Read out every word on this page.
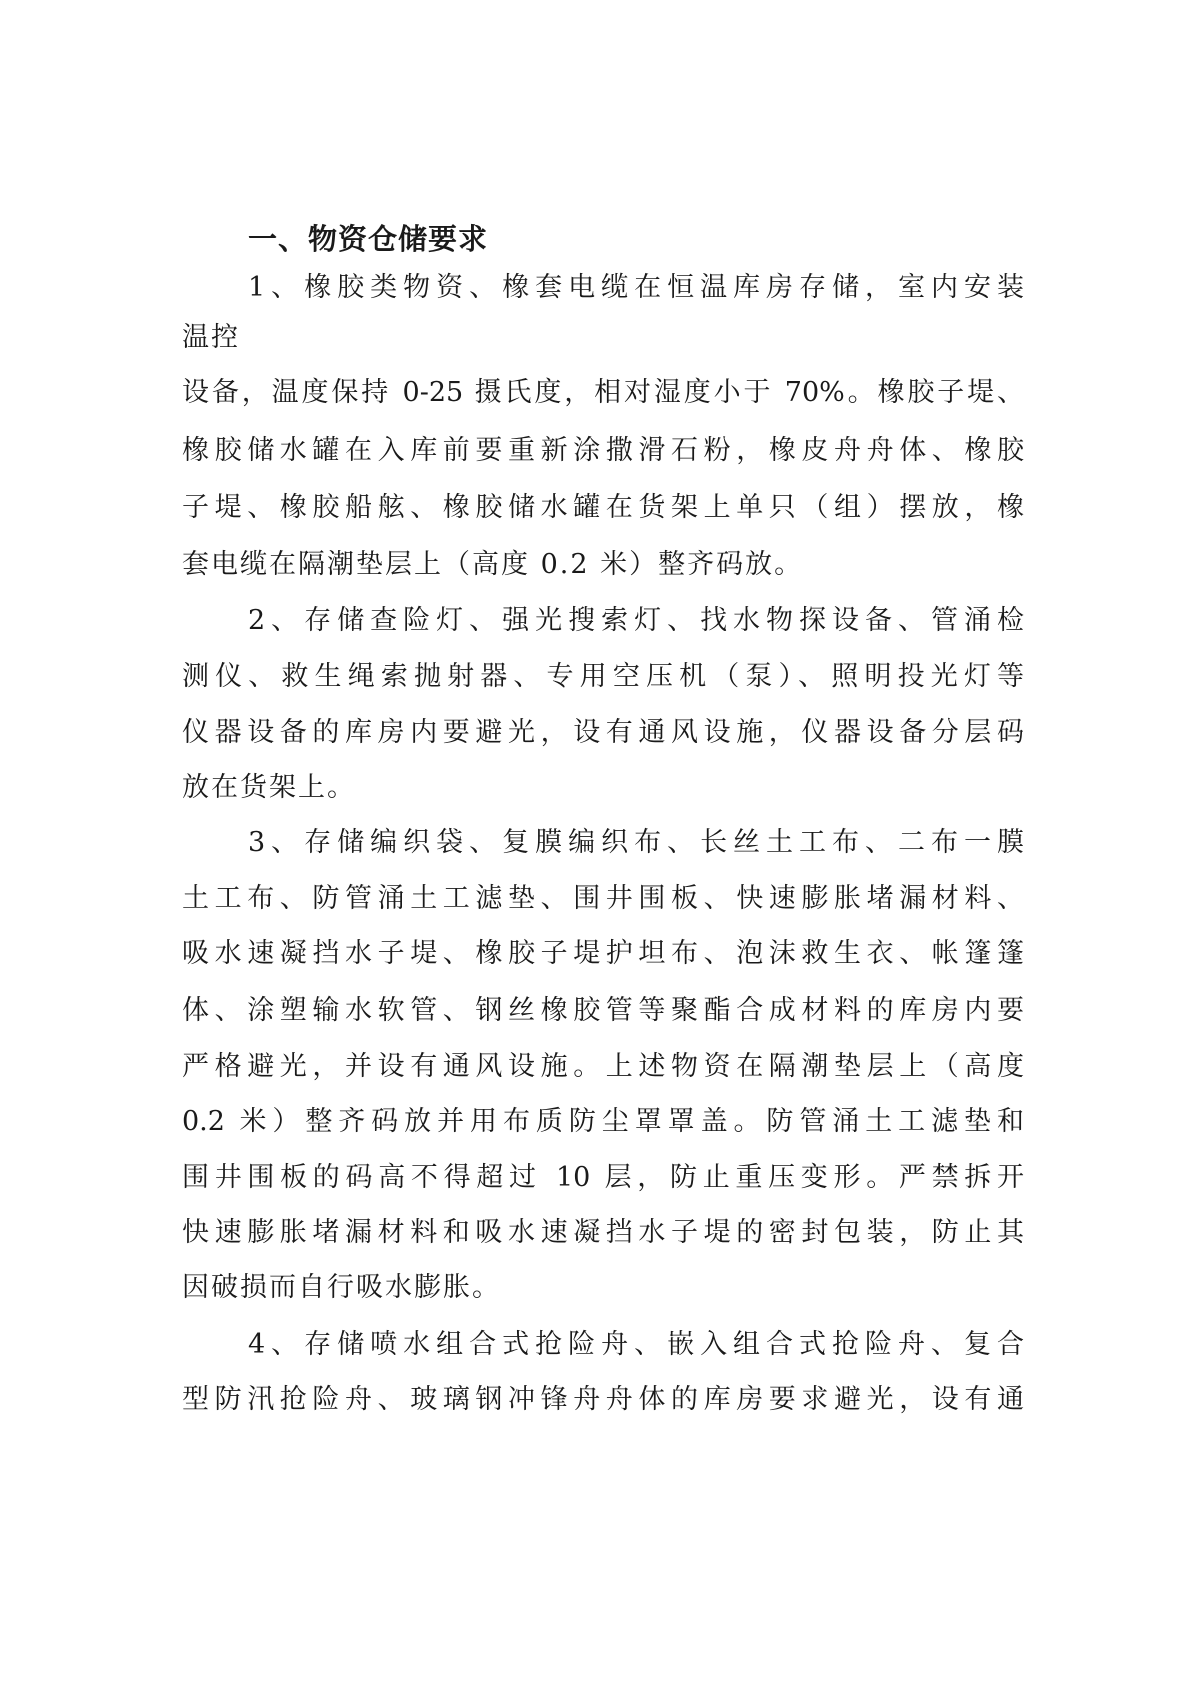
一、物资仓储要求
1、橡胶类物资、橡套电缆在恒温库房存储，室内安装
温控
设备，温度保持 0-25 摄氏度，相对湿度小于 70%。橡胶子堤、
橡胶储水罐在入库前要重新涂撒滑石粉，橡皮舟舟体、橡胶
子堤、橡胶船舷、橡胶储水罐在货架上单只（组）摆放，橡
套电缆在隔潮垫层上（高度 0.2 米）整齐码放。
2、存储查险灯、强光搜索灯、找水物探设备、管涌检
测仪、救生绳索抛射器、专用空压机（泵）、照明投光灯等
仪器设备的库房内要避光，设有通风设施，仪器设备分层码
放在货架上。
3、存储编织袋、复膜编织布、长丝土工布、二布一膜
土工布、防管涌土工滤垫、围井围板、快速膨胀堵漏材料、
吸水速凝挡水子堤、橡胶子堤护坦布、泡沫救生衣、帐篷篷
体、涂塑输水软管、钢丝橡胶管等聚酯合成材料的库房内要
严格避光，并设有通风设施。上述物资在隔潮垫层上（高度
0.2 米）整齐码放并用布质防尘罩罩盖。防管涌土工滤垫和
围井围板的码高不得超过 10 层，防止重压变形。严禁拆开
快速膨胀堵漏材料和吸水速凝挡水子堤的密封包装，防止其
因破损而自行吸水膨胀。
4、存储喷水组合式抢险舟、嵌入组合式抢险舟、复合
型防汛抢险舟、玻璃钢冲锋舟舟体的库房要求避光，设有通
